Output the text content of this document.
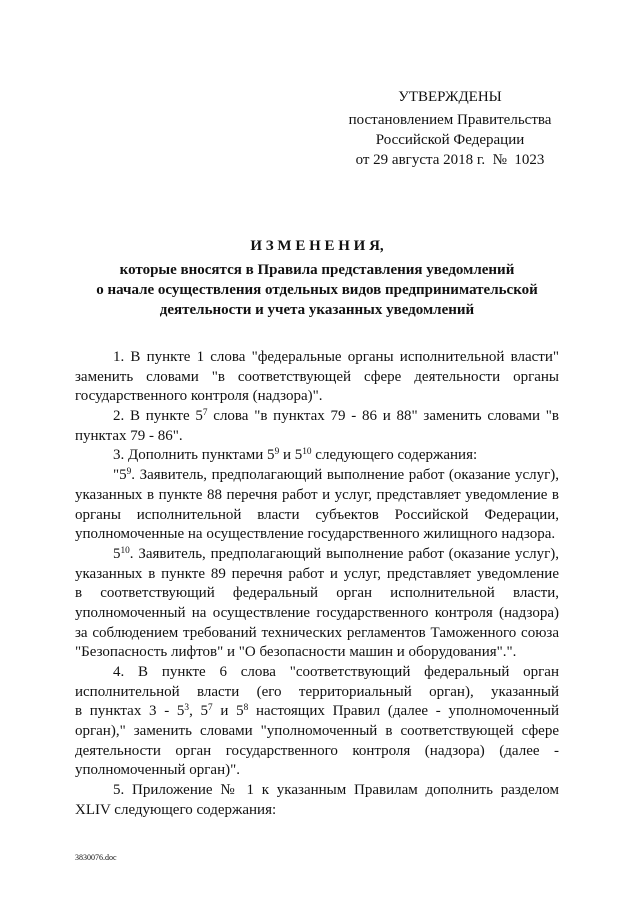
УТВЕРЖДЕНЫ
постановлением Правительства
Российской Федерации
от 29 августа 2018 г.  №  1023
И З М Е Н Е Н И Я,
которые вносятся в Правила представления уведомлений
о начале осуществления отдельных видов предпринимательской
деятельности и учета указанных уведомлений
1. В пункте 1 слова "федеральные органы исполнительной власти"
заменить словами "в соответствующей сфере деятельности органы
государственного контроля (надзора)".
2. В пункте $5^7$ слова "в пунктах 79 - 86 и 88" заменить словами "в
пунктах 79 - 86".
3. Дополнить пунктами $5^9$ и $5^{10}$ следующего содержания:
"$5^9$. Заявитель, предполагающий выполнение работ (оказание услуг),
указанных в пункте 88 перечня работ и услуг, представляет уведомление в
органы исполнительной власти субъектов Российской Федерации,
уполномоченные на осуществление государственного жилищного надзора.
$5^{10}$. Заявитель, предполагающий выполнение работ (оказание услуг),
указанных в пункте 89 перечня работ и услуг, представляет уведомление
в соответствующий федеральный орган исполнительной власти,
уполномоченный на осуществление государственного контроля (надзора)
за соблюдением требований технических регламентов Таможенного союза
"Безопасность лифтов" и "О безопасности машин и оборудования".".
4. В пункте 6 слова "соответствующий федеральный орган
исполнительной власти (его территориальный орган), указанный
в пунктах $3 - 5^3$, $5^7$ и $5^8$ настоящих Правил (далее - уполномоченный
орган)," заменить словами "уполномоченный в соответствующей сфере
деятельности орган государственного контроля (надзора) (далее -
уполномоченный орган)".
5. Приложение № 1 к указанным Правилам дополнить разделом
XLIV следующего содержания:
3830076.doc
